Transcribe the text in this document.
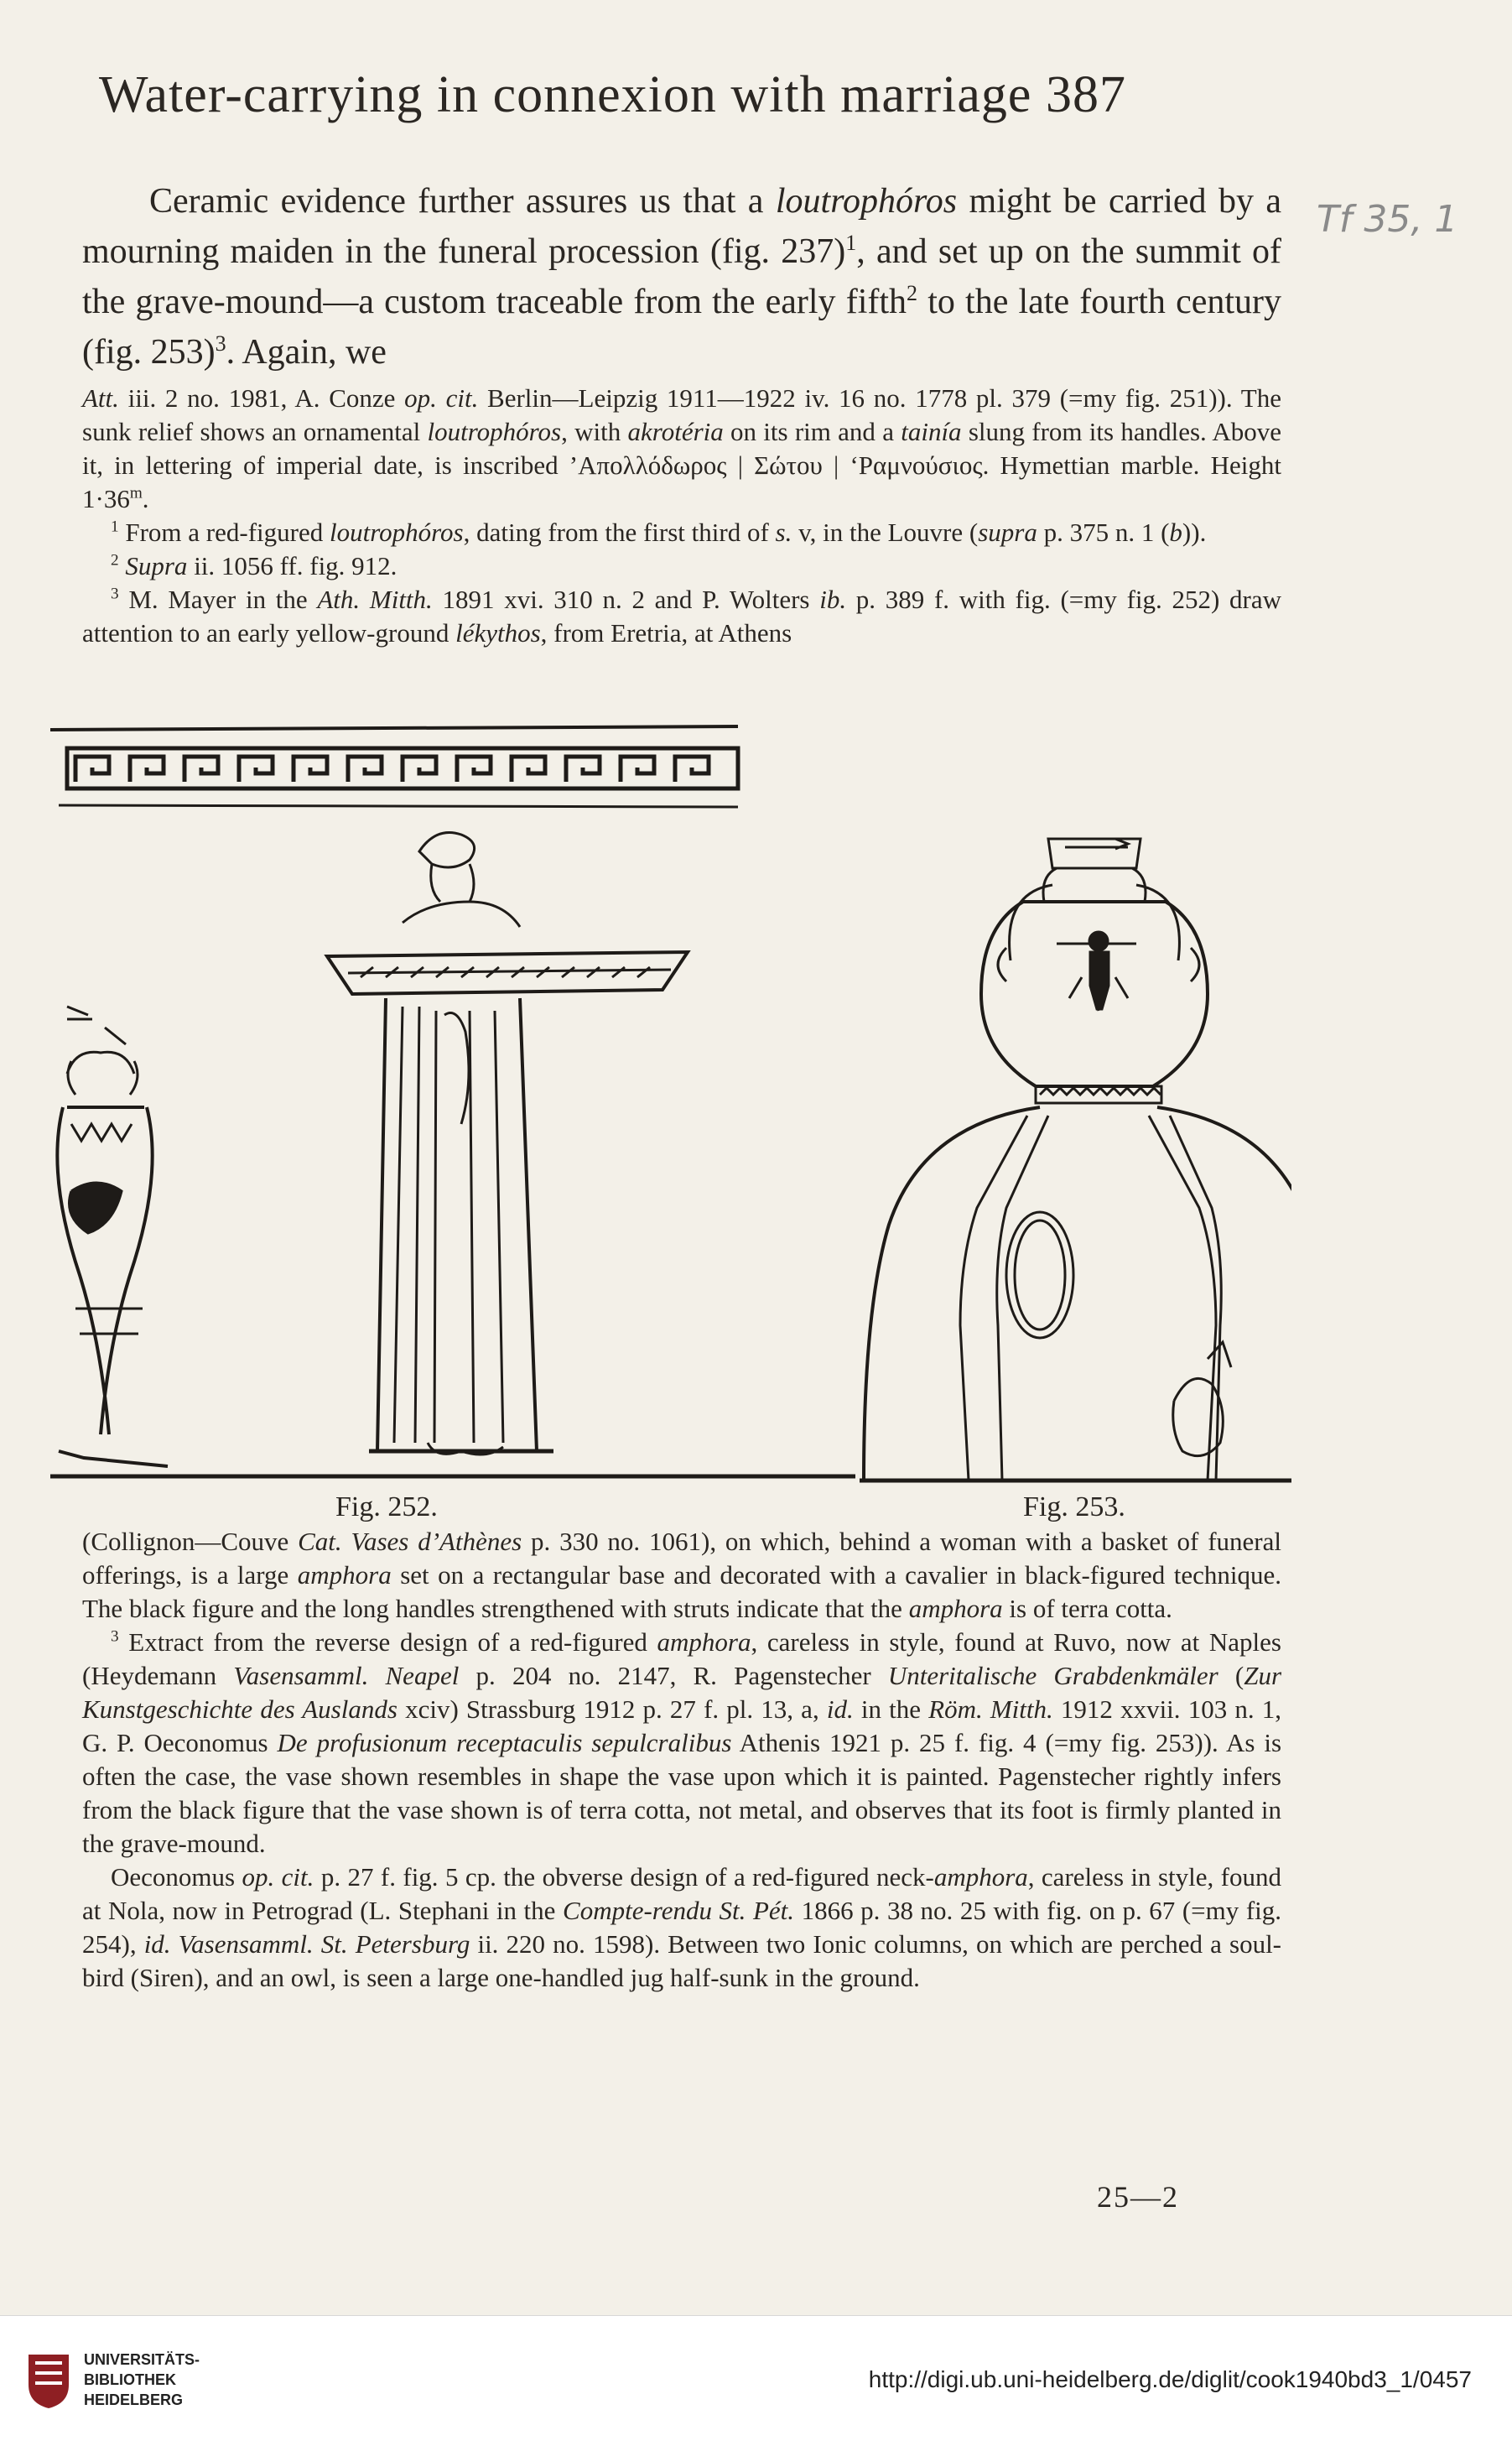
Water-carrying in connexion with marriage 387
Tf 35, 1

Ceramic evidence further assures us that a loutrophóros might be carried by a mourning maiden in the funeral procession (fig. 237)$^1$, and set up on the summit of the grave-mound—a custom traceable from the early fifth$^2$ to the late fourth century (fig. 253)$^3$. Again, we

Att. iii. 2 no. 1981, A. Conze op. cit. Berlin—Leipzig 1911—1922 iv. 16 no. 1778 pl. 379 (=my fig. 251)). The sunk relief shows an ornamental loutrophóros, with akrotéria on its rim and a tainía slung from its handles. Above it, in lettering of imperial date, is inscribed ’Απολλόδωρος | Σώτου | ‘Ραμνούσιος. Hymettian marble. Height $1\cdot 36^m$.

$^1$ From a red-figured loutrophóros, dating from the first third of s. v, in the Louvre (supra p. 375 n. 1 (b)).

$^2$ Supra ii. 1056 ff. fig. 912.

$^3$ M. Mayer in the Ath. Mitth. 1891 xvi. 310 n. 2 and P. Wolters ib. p. 389 f. with fig. (=my fig. 252) draw attention to an early yellow-ground lékythos, from Eretria, at Athens

Fig. 252.	Fig. 253.

(Collignon—Couve Cat. Vases d’Athènes p. 330 no. 1061), on which, behind a woman with a basket of funeral offerings, is a large amphora set on a rectangular base and decorated with a cavalier in black-figured technique. The black figure and the long handles strengthened with struts indicate that the amphora is of terra cotta.

$^3$ Extract from the reverse design of a red-figured amphora, careless in style, found at Ruvo, now at Naples (Heydemann Vasensamml. Neapel p. 204 no. 2147, R. Pagenstecher Unteritalische Grabdenkmäler (Zur Kunstgeschichte des Auslands xciv) Strassburg 1912 p. 27 f. pl. 13, a, id. in the Röm. Mitth. 1912 xxvii. 103 n. 1, G. P. Oeconomus De profusionum receptaculis sepulcralibus Athenis 1921 p. 25 f. fig. 4 (=my fig. 253)). As is often the case, the vase shown resembles in shape the vase upon which it is painted. Pagenstecher rightly infers from the black figure that the vase shown is of terra cotta, not metal, and observes that its foot is firmly planted in the grave-mound.

Oeconomus op. cit. p. 27 f. fig. 5 cp. the obverse design of a red-figured neck-amphora, careless in style, found at Nola, now in Petrograd (L. Stephani in the Compte-rendu St. Pét. 1866 p. 38 no. 25 with fig. on p. 67 (=my fig. 254), id. Vasensamml. St. Petersburg ii. 220 no. 1598). Between two Ionic columns, on which are perched a soul-bird (Siren), and an owl, is seen a large one-handled jug half-sunk in the ground.

25—2
UNIVERSITÄTS-
BIBLIOTHEK
HEIDELBERG
http://digi.ub.uni-heidelberg.de/diglit/cook1940bd3_1/0457
